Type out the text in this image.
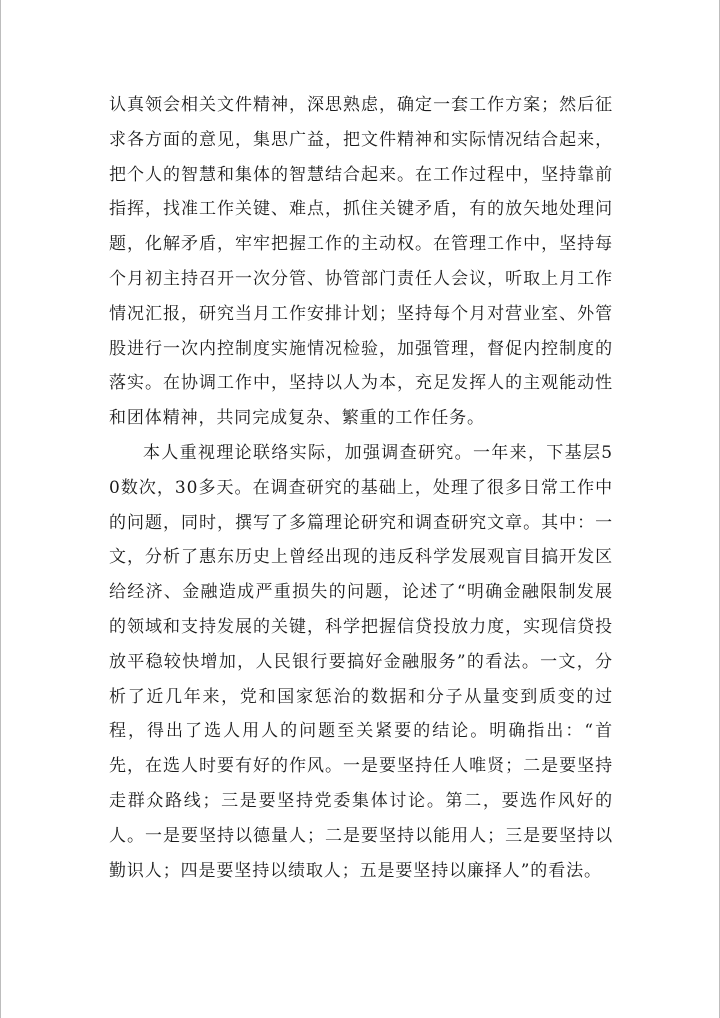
认真领会相关文件精神，深思熟虑，确定一套工作方案；然后征求各方面的意见，集思广益，把文件精神和实际情况结合起来，把个人的智慧和集体的智慧结合起来。在工作过程中，坚持靠前指挥，找准工作关键、难点，抓住关键矛盾，有的放矢地处理问题，化解矛盾，牢牢把握工作的主动权。在管理工作中，坚持每个月初主持召开一次分管、协管部门责任人会议，听取上月工作情况汇报，研究当月工作安排计划；坚持每个月对营业室、外管股进行一次内控制度实施情况检验，加强管理，督促内控制度的落实。在协调工作中，坚持以人为本，充足发挥人的主观能动性和团体精神，共同完成复杂、繁重的工作任务。

本人重视理论联络实际，加强调查研究。一年来，下基层50数次，30多天。在调查研究的基础上，处理了很多日常工作中的问题，同时，撰写了多篇理论研究和调查研究文章。其中：一文，分析了惠东历史上曾经出现的违反科学发展观盲目搞开发区给经济、金融造成严重损失的问题，论述了“明确金融限制发展的领域和支持发展的关键，科学把握信贷投放力度，实现信贷投放平稳较快增加，人民银行要搞好金融服务”的看法。一文，分析了近几年来，党和国家惩治的数据和分子从量变到质变的过程，得出了选人用人的问题至关紧要的结论。明确指出：“首先，在选人时要有好的作风。一是要坚持任人唯贤；二是要坚持走群众路线；三是要坚持党委集体讨论。第二，要选作风好的人。一是要坚持以德量人；二是要坚持以能用人；三是要坚持以勤识人；四是要坚持以绩取人；五是要坚持以廉择人”的看法。
